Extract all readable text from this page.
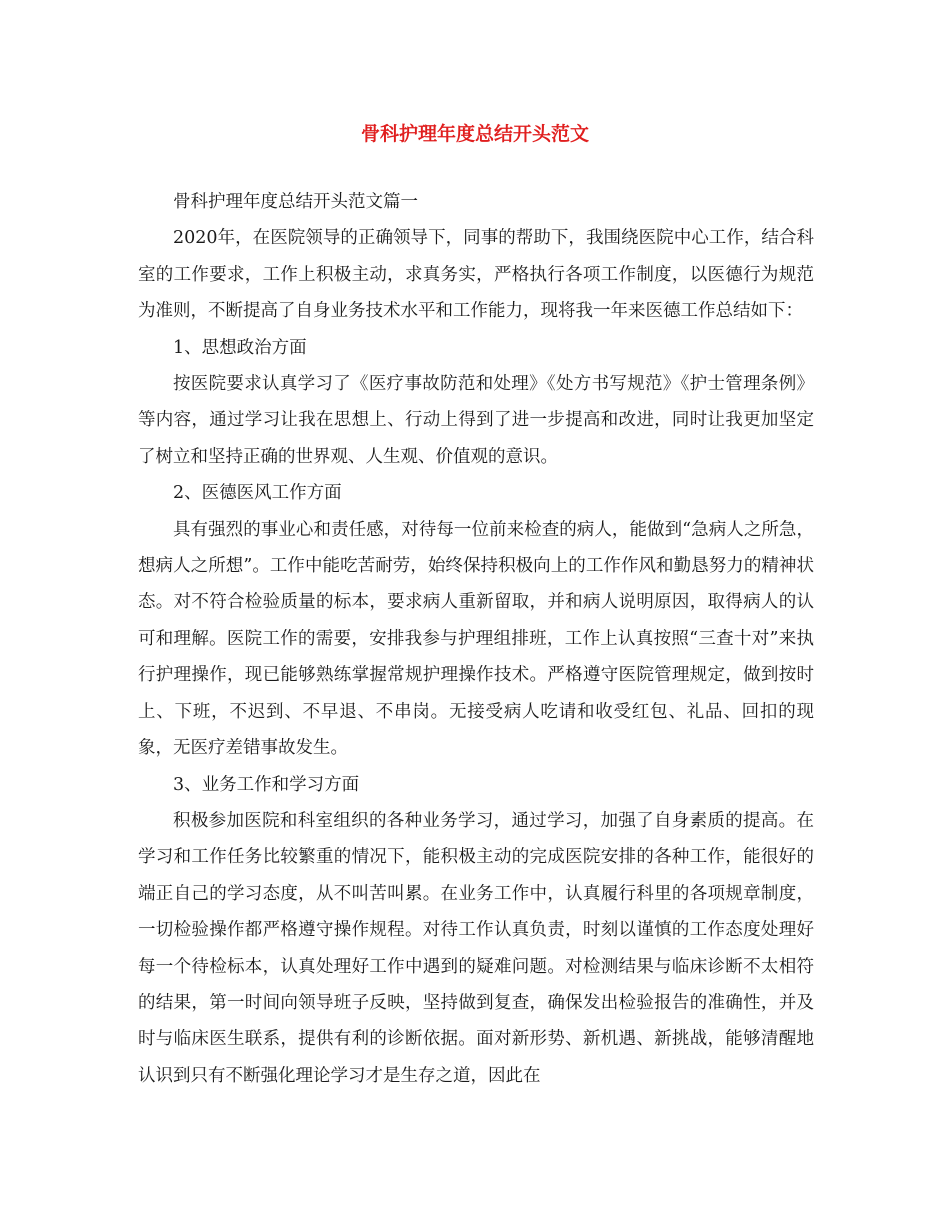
骨科护理年度总结开头范文

骨科护理年度总结开头范文篇一

2020年，在医院领导的正确领导下，同事的帮助下，我围绕医院中心工作，结合科室的工作要求，工作上积极主动，求真务实，严格执行各项工作制度，以医德行为规范为准则，不断提高了自身业务技术水平和工作能力，现将我一年来医德工作总结如下：

1、思想政治方面

按医院要求认真学习了《医疗事故防范和处理》《处方书写规范》《护士管理条例》等内容，通过学习让我在思想上、行动上得到了进一步提高和改进，同时让我更加坚定了树立和坚持正确的世界观、人生观、价值观的意识。

2、医德医风工作方面

具有强烈的事业心和责任感，对待每一位前来检查的病人，能做到“急病人之所急，想病人之所想”。工作中能吃苦耐劳，始终保持积极向上的工作作风和勤恳努力的精神状态。对不符合检验质量的标本，要求病人重新留取，并和病人说明原因，取得病人的认可和理解。医院工作的需要，安排我参与护理组排班，工作上认真按照“三查十对”来执行护理操作，现已能够熟练掌握常规护理操作技术。严格遵守医院管理规定，做到按时上、下班，不迟到、不早退、不串岗。无接受病人吃请和收受红包、礼品、回扣的现象，无医疗差错事故发生。

3、业务工作和学习方面

积极参加医院和科室组织的各种业务学习，通过学习，加强了自身素质的提高。在学习和工作任务比较繁重的情况下，能积极主动的完成医院安排的各种工作，能很好的端正自己的学习态度，从不叫苦叫累。在业务工作中，认真履行科里的各项规章制度，一切检验操作都严格遵守操作规程。对待工作认真负责，时刻以谨慎的工作态度处理好每一个待检标本，认真处理好工作中遇到的疑难问题。对检测结果与临床诊断不太相符的结果，第一时间向领导班子反映，坚持做到复查，确保发出检验报告的准确性，并及时与临床医生联系，提供有利的诊断依据。面对新形势、新机遇、新挑战，能够清醒地认识到只有不断强化理论学习才是生存之道，因此在
